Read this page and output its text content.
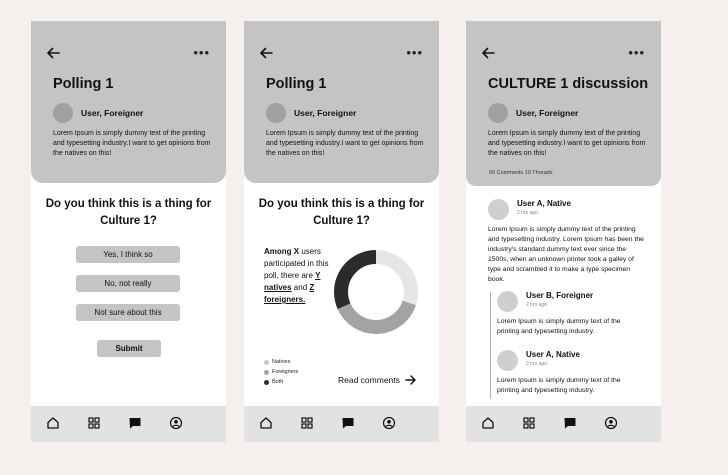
•••
Polling 1
User, Foreigner
Lorem Ipsum is simply dummy text of the printing and typesetting industry.I want to get opinions from the natives on this!
Do you think this is a thing for Culture 1?
Yes, I think so
No, not really
Not sure about this
Submit
•••
Polling 1
User, Foreigner
Lorem Ipsum is simply dummy text of the printing and typesetting industry.I want to get opinions from the natives on this!
Do you think this is a thing for Culture 1?
Among X users participated in this poll, there are Y natives and Z foreigners.
Natives
Foreigners
Both	Read comments
•••
CULTURE 1 discussion
User, Foreigner
Lorem Ipsum is simply dummy text of the printing and typesetting industry.I want to get opinions from the natives on this!
60 Comments 10 Threads
User A, Native
2 hrs ago
Lorem Ipsum is simply dummy text of the printing and typesetting industry. Lorem Ipsum has been the industry's standard dummy text ever since the 1500s, when an unknown printer took a galley of type and scrambled it to make a type specimen book.
User B, Foreigner
2 hrs ago
Lorem Ipsum is simply dummy text of the printing and typesetting industry.
User A, Native
2 hrs ago
Lorem Ipsum is simply dummy text of the printing and typesetting industry.
